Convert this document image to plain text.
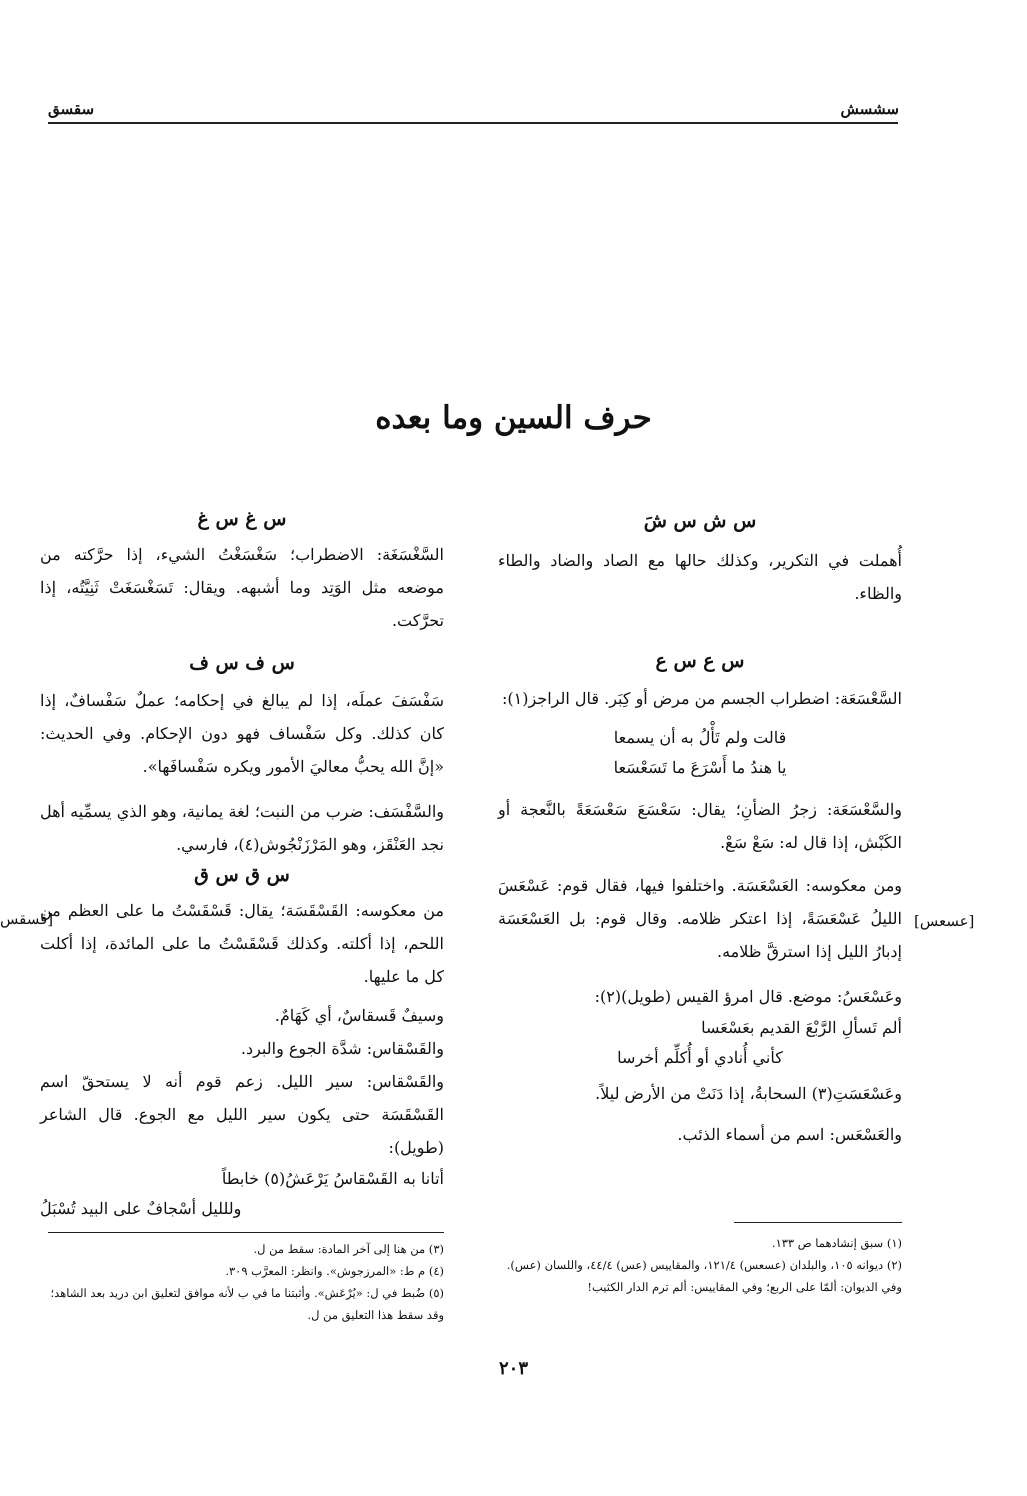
سشسش
سقسق
حرف السين وما بعده

س ش س شَ

أُهملت في التكرير، وكذلك حالها مع الصاد والضاد والطاء والظاء.

س ع س ع

السَّعْسَعَة: اضطراب الجسم من مرض أو كِبَر. قال الراجز(١):

قالت ولم تَأْلُ به أن يسمعا
يا هندُ ما أَسْرَعَ ما تَسَعْسَعا

والسَّعْسَعَة: زجرُ الضأنِ؛ يقال: سَعْسَعَ سَعْسَعَةً بالنَّعجة أو الكَبْش، إذا قال له: سَعْ سَعْ.

ومن معكوسه: العَسْعَسَة. واختلفوا فيها، فقال قوم: عَسْعَسَ الليلُ عَسْعَسَةً، إذا اعتكر ظلامه. وقال قوم: بل العَسْعَسَة إدبارُ الليل إذا استرقَّ ظلامه.

وعَسْعَسُ: موضع. قال امرؤ القيس (طويل)(٢):

ألم تَسألِ الرَّبْعَ القديم بعَسْعَسا
كأني أُنادي أو أُكلِّم أخرسا

وعَسْعَسَتِ(٣) السحابةُ، إذا دَنَتْ من الأرض ليلاً.

والعَسْعَس: اسم من أسماء الذئب.

[عسعس]
(١) سبق إنشادهما ص ١٣٣.
(٢) ديوانه ١٠٥، والبلدان (عسعس) ١٢١/٤، والمقاييس (عس) ٤٤/٤، واللسان (عس). وفي الديوان: ألمّا على الربع؛ وفي المقاييس: ألم ترم الدار الكثيب!

س غ س غ

السَّغْسَغَة: الاضطراب؛ سَغْسَغْتُ الشيء، إذا حرَّكته من موضعه مثل الوَتِد وما أشبهه. ويقال: تَسَغْسَغَتْ ثَنِيَّتُه، إذا تحرَّكت.

س ف س ف

سَفْسَفَ عملَه، إذا لم يبالغ في إحكامه؛ عملٌ سَفْسافٌ، إذا كان كذلك. وكل سَفْساف فهو دون الإحكام. وفي الحديث: «إنَّ الله يحبُّ معاليَ الأمور ويكره سَفْسافَها».

والسَّفْسَف: ضرب من النبت؛ لغة يمانية، وهو الذي يسمِّيه أهل نجد العَنْقَز، وهو المَرْزَنْجُوش(٤)، فارسي.

س ق س ق

من معكوسه: القَسْقَسَة؛ يقال: قَسْقَسْتُ ما على العظم من اللحم، إذا أكلته. وكذلك قَسْقَسْتُ ما على المائدة، إذا أكلت كل ما عليها.

وسيفٌ قَسقاسٌ، أي كَهَامٌ.

والقَسْقاس: شدَّة الجوع والبرد.

والقَسْقاس: سير الليل. زعم قوم أنه لا يستحقّ اسم القَسْقَسَة حتى يكون سير الليل مع الجوع. قال الشاعر (طويل):

أتانا به القَسْقاسُ يَرْعَشُ(٥) خابطاً
وللليل أسْجافٌ على البيد تُسْبَلُ
[قسقس
(٣) من هنا إلى آخر المادة: سقط من ل.
(٤) م ط: «المرزجوش». وانظر: المعرَّب ٣٠٩.
(٥) ضُبط في ل: «يُرْعَش». وأثبتنا ما في ب لأنه موافق لتعليق ابن دريد بعد الشاهد؛ وقد سقط هذا التعليق من ل.
٢٠٣
